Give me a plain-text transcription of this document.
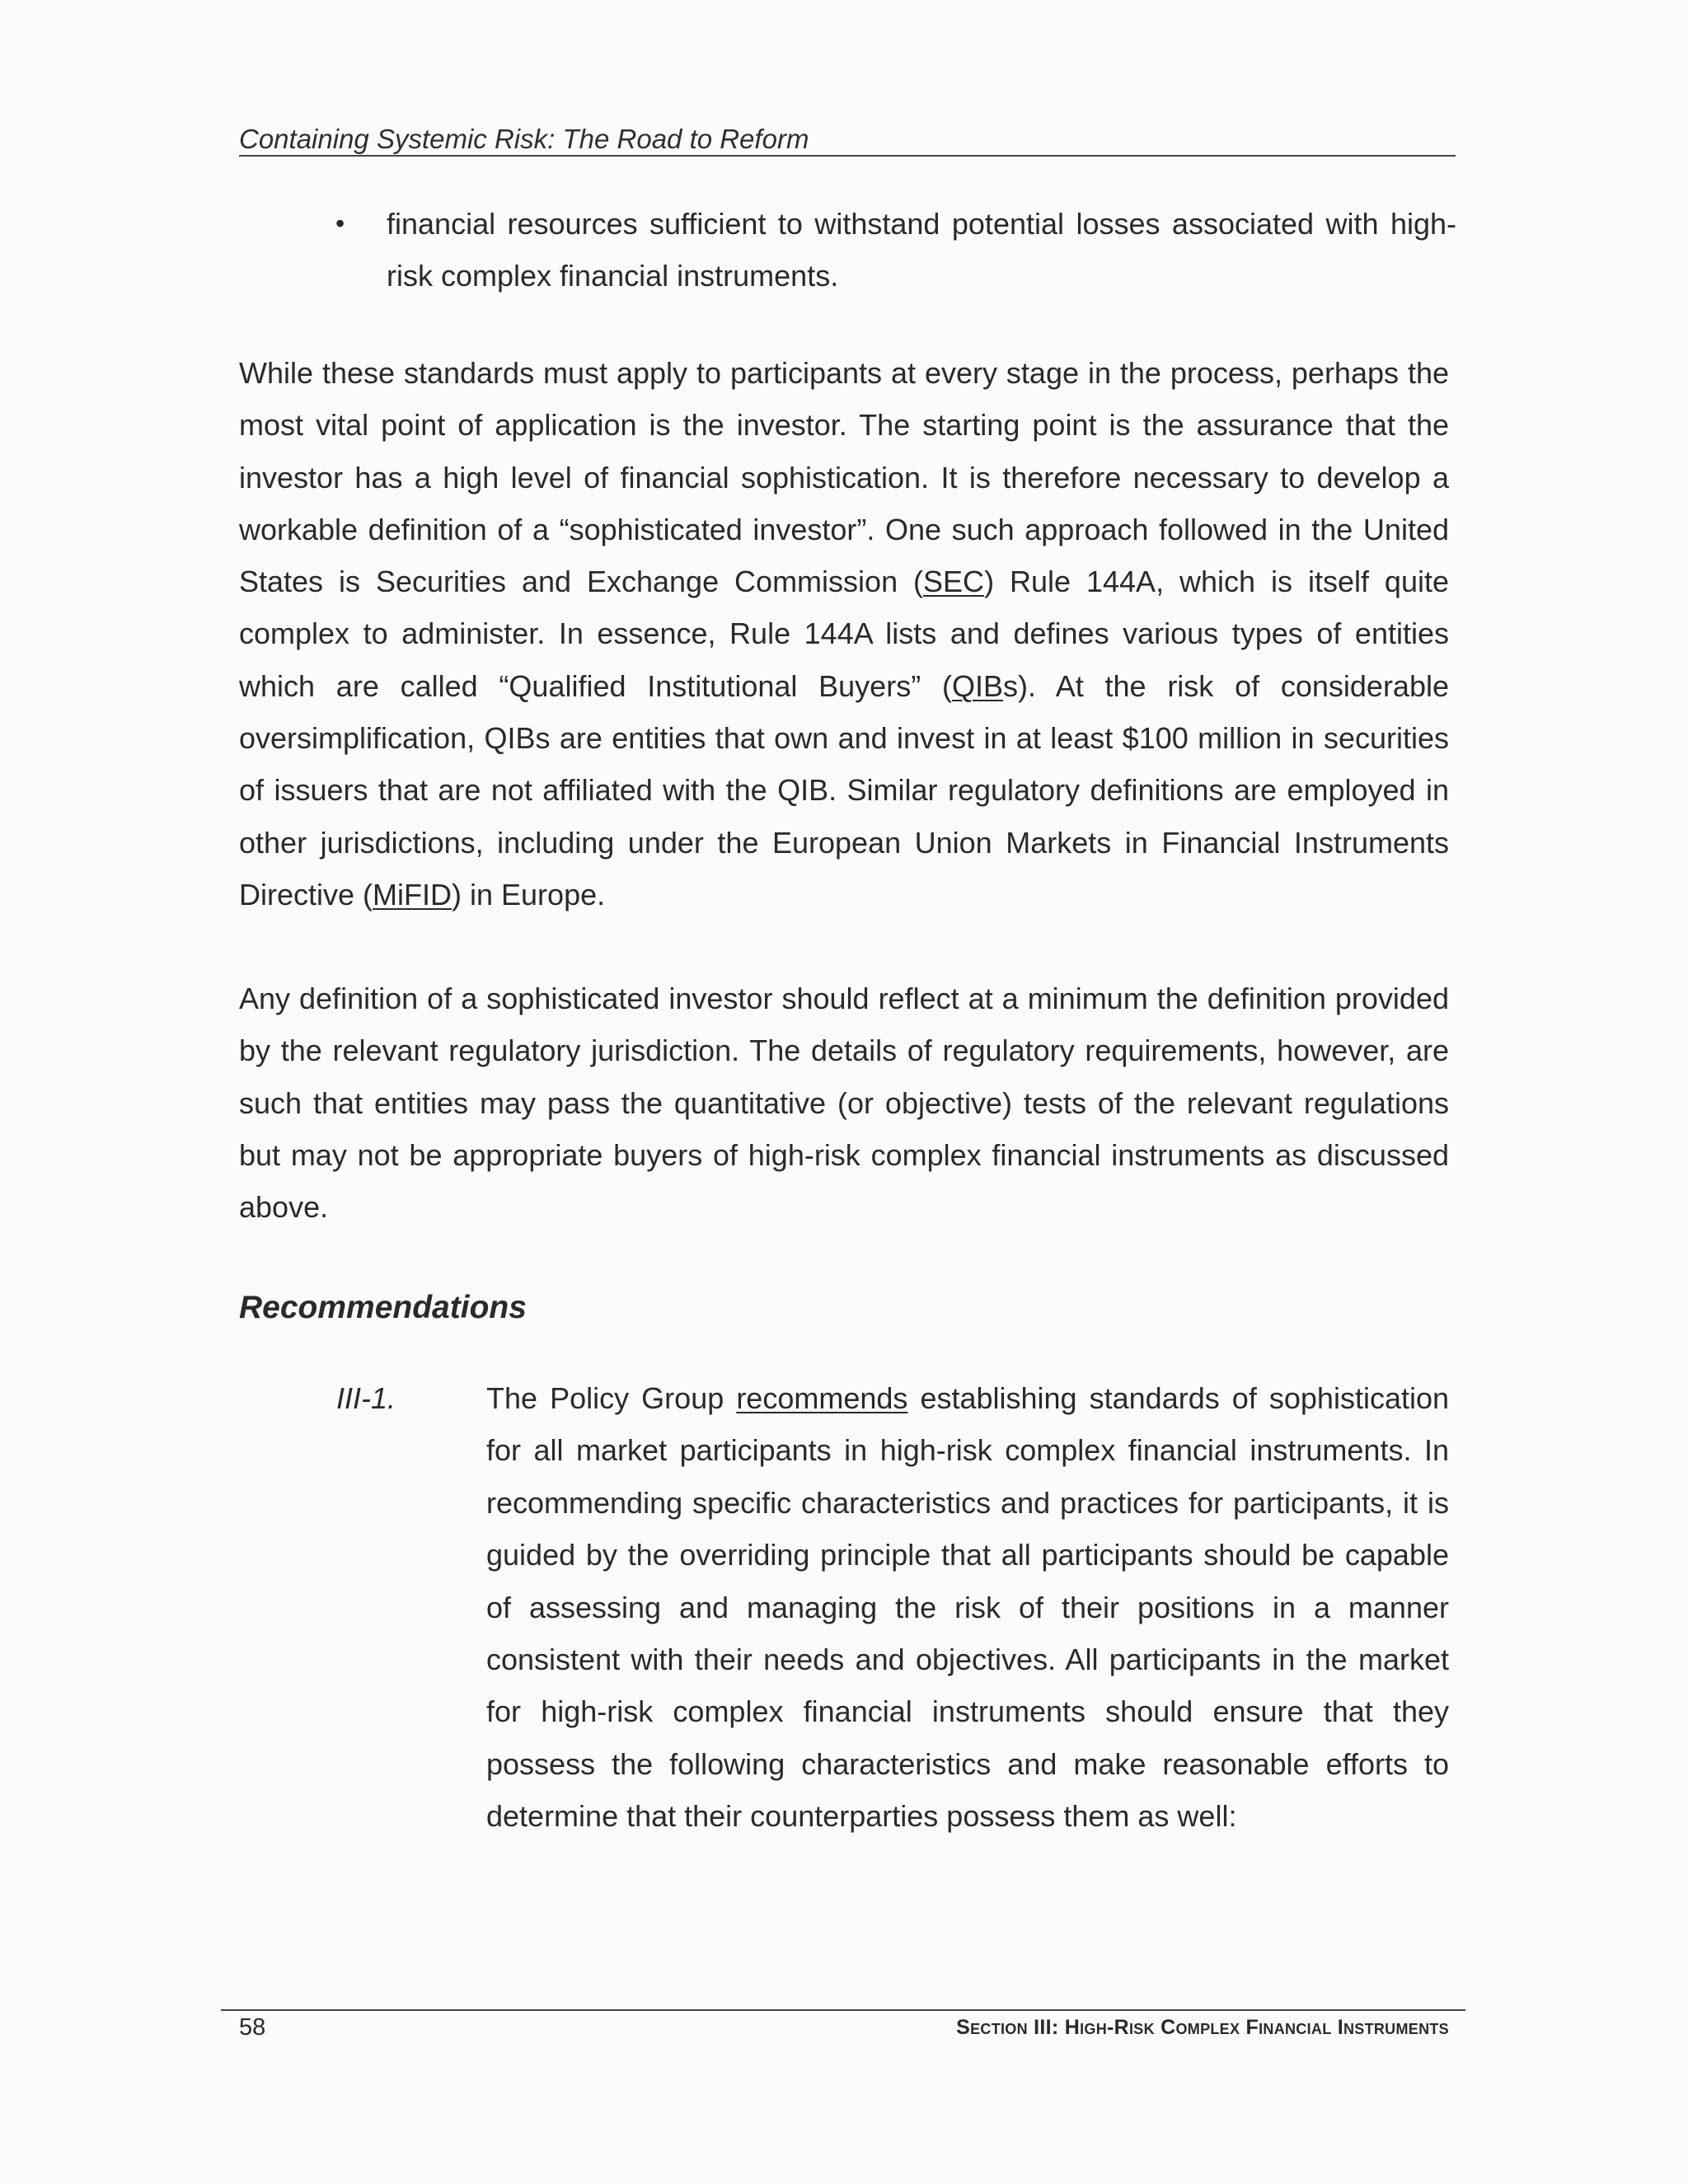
Containing Systemic Risk: The Road to Reform
• financial resources sufficient to withstand potential losses associated with high-risk complex financial instruments.
While these standards must apply to participants at every stage in the process, perhaps the most vital point of application is the investor. The starting point is the assurance that the investor has a high level of financial sophistication. It is therefore necessary to develop a workable definition of a “sophisticated investor”. One such approach followed in the United States is Securities and Exchange Commission (SEC) Rule 144A, which is itself quite complex to administer. In essence, Rule 144A lists and defines various types of entities which are called “Qualified Institutional Buyers” (QIBs). At the risk of considerable oversimplification, QIBs are entities that own and invest in at least $100 million in securities of issuers that are not affiliated with the QIB. Similar regulatory definitions are employed in other jurisdictions, including under the European Union Markets in Financial Instruments Directive (MiFID) in Europe.
Any definition of a sophisticated investor should reflect at a minimum the definition provided by the relevant regulatory jurisdiction. The details of regulatory requirements, however, are such that entities may pass the quantitative (or objective) tests of the relevant regulations but may not be appropriate buyers of high-risk complex financial instruments as discussed above.
Recommendations
III-1.	The Policy Group recommends establishing standards of sophistication for all market participants in high-risk complex financial instruments. In recommending specific characteristics and practices for participants, it is guided by the overriding principle that all participants should be capable of assessing and managing the risk of their positions in a manner consistent with their needs and objectives. All participants in the market for high-risk complex financial instruments should ensure that they possess the following characteristics and make reasonable efforts to determine that their counterparties possess them as well:
58	Section III: High-Risk Complex Financial Instruments
